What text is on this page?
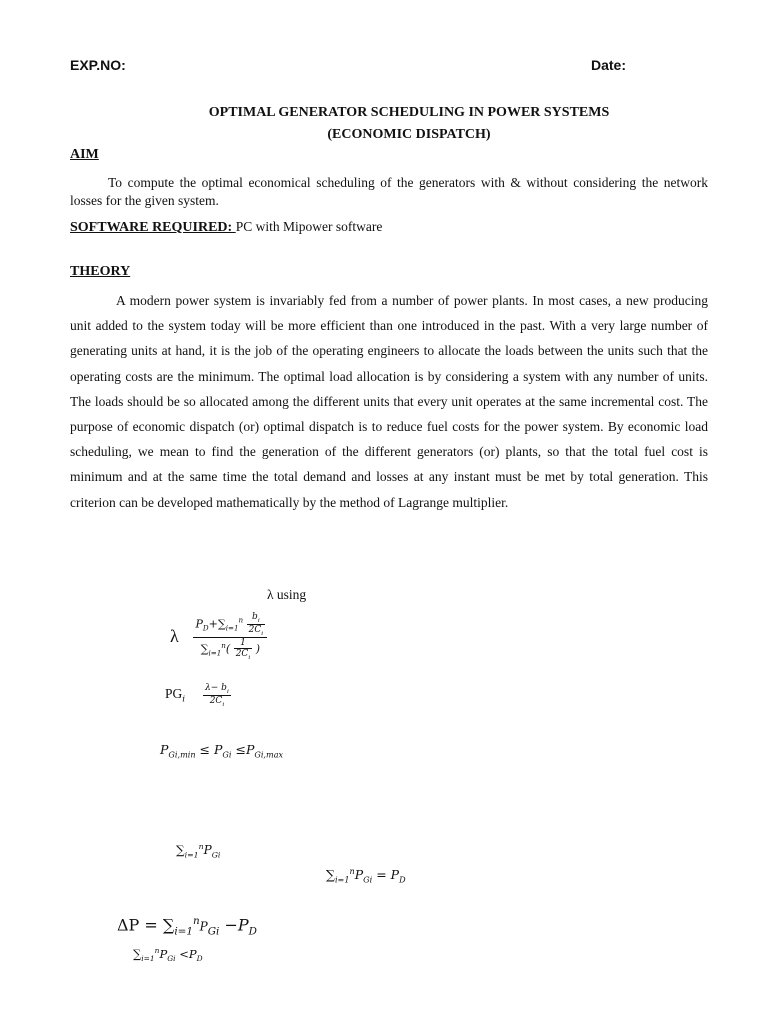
EXP.NO:	Date:
OPTIMAL GENERATOR SCHEDULING IN POWER SYSTEMS
(ECONOMIC DISPATCH)
AIM
To compute the optimal economical scheduling of the generators with & without considering the network losses for the given system.
SOFTWARE REQUIRED: PC with Mipower software
THEORY
A modern power system is invariably fed from a number of power plants. In most cases, a new producing unit added to the system today will be more efficient than one introduced in the past. With a very large number of generating units at hand, it is the job of the operating engineers to allocate the loads between the units such that the operating costs are the minimum. The optimal load allocation is by considering a system with any number of units. The loads should be so allocated among the different units that every unit operates at the same incremental cost. The purpose of economic dispatch (or) optimal dispatch is to reduce fuel costs for the power system. By economic load scheduling, we mean to find the generation of the different generators (or) plants, so that the total fuel cost is minimum and at the same time the total demand and losses at any instant must be met by total generation. This criterion can be developed mathematically by the method of Lagrange multiplier.
λ using
λ $\frac{P_D+\sum_{i=1}^n \frac{b_i}{2C_i}}{\sum_{i=1}^n( \frac{1}{2C_i} )}$
$PG_i \frac{\lambda- b_i}{2C_i}$
$P_{Gi,min} \le P_{Gi} \le P_{Gi,max}$
$\sum_{i=1}^nP_{Gi}$
$\sum_{i=1}^nP_{Gi} = P_D$
$\Delta P = \sum_{i=1}^nP_{Gi} -P_D$
$\sum_{i=1}^nP_{Gi} <P_D$
